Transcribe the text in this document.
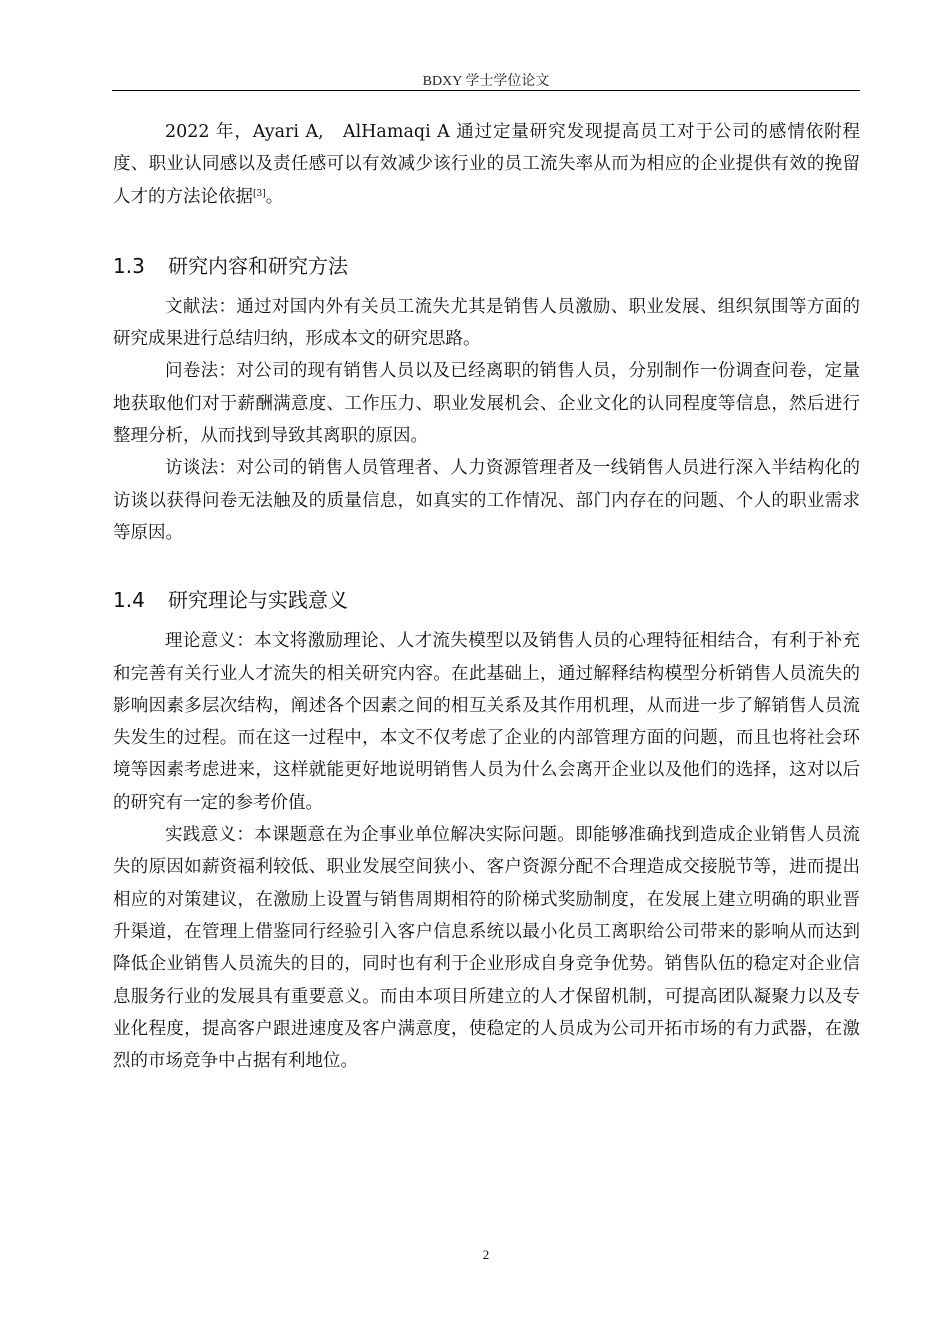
BDXY 学士学位论文

2022 年，Ayari A,　AlHamaqi A 通过定量研究发现提高员工对于公司的感情依附程度、职业认同感以及责任感可以有效减少该行业的员工流失率从而为相应的企业提供有效的挽留人才的方法论依据[3]。

1.3 研究内容和研究方法

文献法：通过对国内外有关员工流失尤其是销售人员激励、职业发展、组织氛围等方面的研究成果进行总结归纳，形成本文的研究思路。

问卷法：对公司的现有销售人员以及已经离职的销售人员，分别制作一份调查问卷，定量地获取他们对于薪酬满意度、工作压力、职业发展机会、企业文化的认同程度等信息，然后进行整理分析，从而找到导致其离职的原因。

访谈法：对公司的销售人员管理者、人力资源管理者及一线销售人员进行深入半结构化的访谈以获得问卷无法触及的质量信息，如真实的工作情况、部门内存在的问题、个人的职业需求等原因。

1.4 研究理论与实践意义

理论意义：本文将激励理论、人才流失模型以及销售人员的心理特征相结合，有利于补充和完善有关行业人才流失的相关研究内容。在此基础上，通过解释结构模型分析销售人员流失的影响因素多层次结构，阐述各个因素之间的相互关系及其作用机理，从而进一步了解销售人员流失发生的过程。而在这一过程中，本文不仅考虑了企业的内部管理方面的问题，而且也将社会环境等因素考虑进来，这样就能更好地说明销售人员为什么会离开企业以及他们的选择，这对以后的研究有一定的参考价值。

实践意义：本课题意在为企事业单位解决实际问题。即能够准确找到造成企业销售人员流失的原因如薪资福利较低、职业发展空间狭小、客户资源分配不合理造成交接脱节等，进而提出相应的对策建议，在激励上设置与销售周期相符的阶梯式奖励制度，在发展上建立明确的职业晋升渠道，在管理上借鉴同行经验引入客户信息系统以最小化员工离职给公司带来的影响从而达到降低企业销售人员流失的目的，同时也有利于企业形成自身竞争优势。销售队伍的稳定对企业信息服务行业的发展具有重要意义。而由本项目所建立的人才保留机制，可提高团队凝聚力以及专业化程度，提高客户跟进速度及客户满意度，使稳定的人员成为公司开拓市场的有力武器，在激烈的市场竞争中占据有利地位。

2
